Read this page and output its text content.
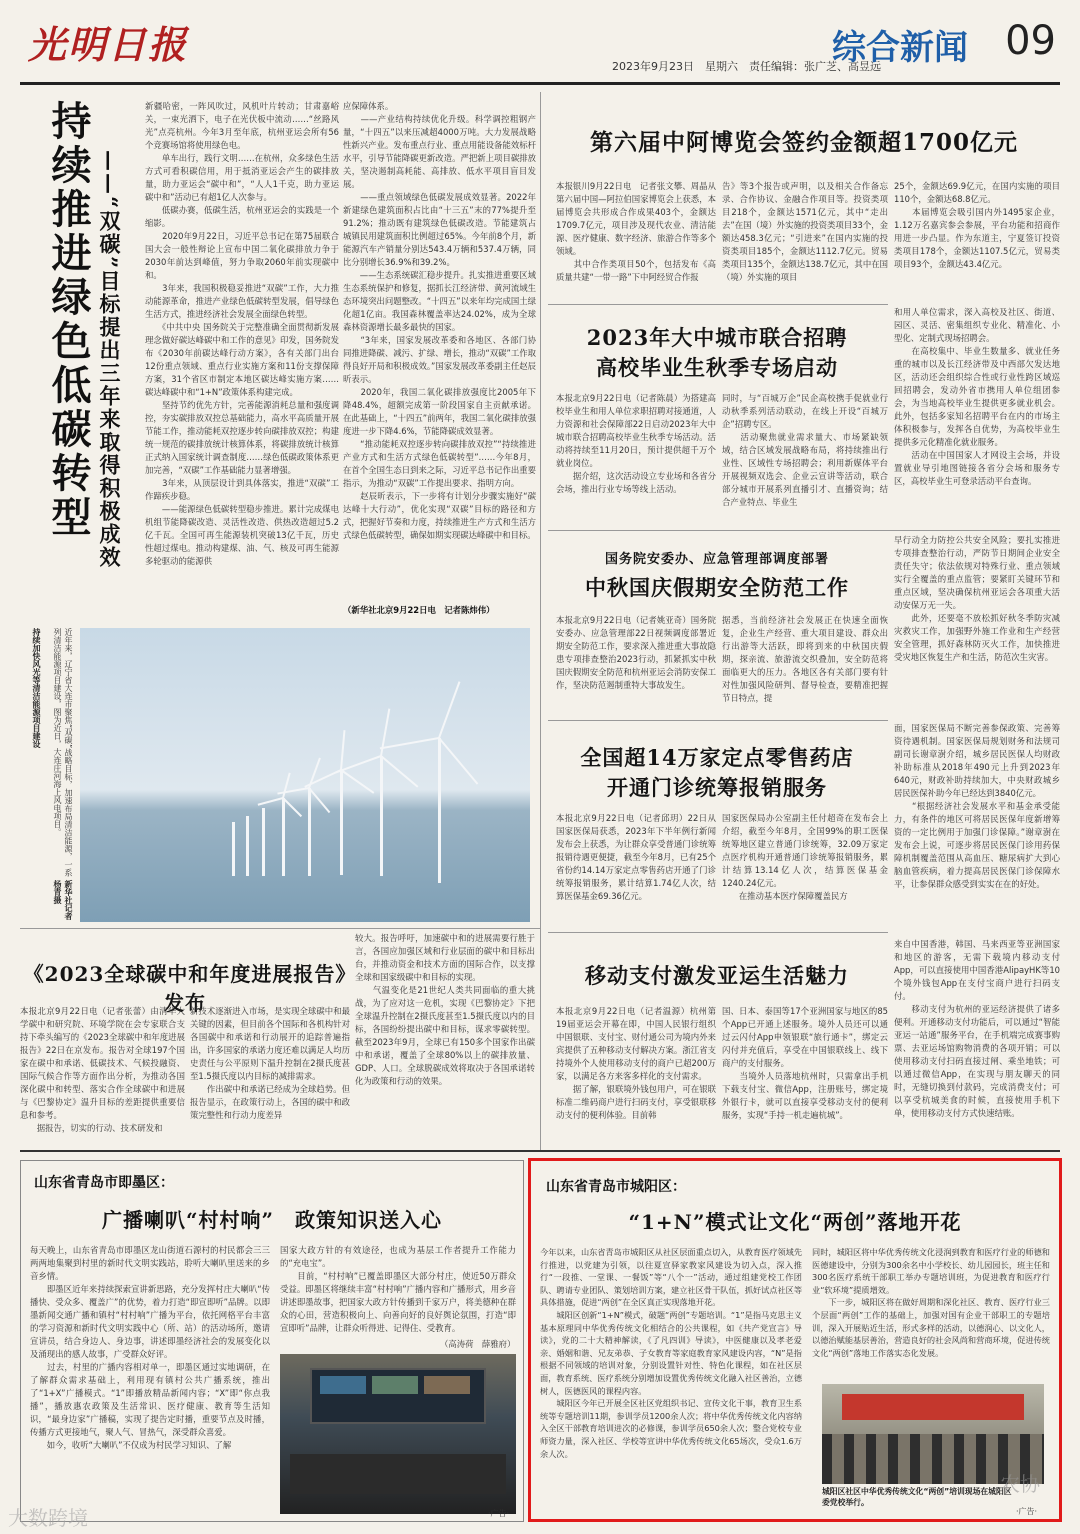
光明日报	2023年9月23日　星期六　责任编辑：张广芝、高昱远
综合新闻 09
持续推进绿色低碳转型 ——“双碳”目标提出三年来取得积极成效
新疆哈密，一阵风吹过，风机叶片转动；甘肃嘉峪关，一束光洒下，电子在光伏板中流动……“丝路风光”点亮杭州。今年3月至年底，杭州亚运会所有56个竞赛场馆将使用绿色电。
　　单车出行，践行文明……在杭州，众多绿色生活方式可看积碳信用，用于抵消亚运会产生的碳排放量，助力亚运会“碳中和”，“人人1千克，助力亚运碳中和”活动已有超1亿人次参与。
　　低碳办赛，低碳生活，杭州亚运会的实践是一个缩影。
　　2020年9月22日，习近平总书记在第75届联合国大会一般性辩论上宣布中国二氧化碳排放力争于2030年前达到峰值，努力争取2060年前实现碳中和。
　　3年来，我国积极稳妥推进“双碳”工作，大力推动能源革命，推进产业绿色低碳转型发展，倡导绿色生活方式，推进经济社会发展全面绿色转型。
　　《中共中央 国务院关于完整准确全面贯彻新发展理念做好碳达峰碳中和工作的意见》印发，国务院发布《2030年前碳达峰行动方案》，各有关部门出台12份重点领域、重点行业实施方案和11份支撑保障方案，31个省区市制定本地区碳达峰实施方案……碳达峰碳中和“1+N”政策体系构建完成。
　　坚持节约优先方针，完善能源消耗总量和强度调控，夯实碳排放双控总基础能力，高水平高质量开展节能工作，推动能耗双控逐步转向碳排放双控；构建统一规范的碳排放统计核算体系，将碳排放统计核算正式纳入国家统计调查制度……绿色低碳政策体系更加完善，“双碳”工作基础能力显著增强。
　　3年来，从顶层设计到具体落实，推进“双碳”工作蹄疾步稳。
　　——能源绿色低碳转型稳步推进。累计完成煤电机组节能降碳改造、灵活性改造、供热改造超过5.2亿千瓦。全国可再生能源装机突破13亿千瓦，历史性超过煤电。推动构建煤、油、气、核及可再生能源多轮驱动的能源供
应保障体系。
　　——产业结构持续优化升级。科学调控粗钢产量，“十四五”以来压减超4000万吨。大力发展战略性新兴产业。发布重点行业、重点用能设备能效标杆水平，引导节能降碳更新改造。严把新上项目碳排放关，坚决遏制高耗能、高排放、低水平项目盲目发展。
　　——重点领域绿色低碳发展成效显著。2022年新建绿色建筑面积占比由“十三五”末的77%提升至91.2%；推动既有建筑绿色低碳改造。节能建筑占城镇民用建筑面积比例超过65%。今年前8个月，新能源汽车产销量分别达543.4万辆和537.4万辆，同比分别增长36.9%和39.2%。
　　——生态系统碳汇稳步提升。扎实推进重要区域生态系统保护和修复，据抓长江经济带、黄河流域生态环境突出问题整改。“十四五”以来年均完成国土绿化超1亿亩。我国森林覆盖率达24.02%，成为全球森林资源增长最多最快的国家。
　　“3年来，国家发展改革委和各地区、各部门协同推进降碳、减污、扩绿、增长，推动“双碳”工作取得良好开局和积极成效。”国家发展改革委副主任赵辰昕表示。
　　2020年，我国二氧化碳排放强度比2005年下降48.4%，超额完成第一阶段国家自主贡献承诺。在此基础上，“十四五”前两年，我国二氧化碳排放强度进一步下降4.6%，节能降碳成效显著。
　　“推动能耗双控逐步转向碳排放双控”“持续推进产业方式和生活方式绿色低碳转型”……今年8月，在首个全国生态日到来之际，习近平总书记作出重要指示，为推动“双碳”工作提出要求、指明方向。
　　赵辰昕表示，下一步将有计划分步骤实施好“碳达峰十大行动”，优化实现“双碳”目标的路径和方式，把握好节奏和力度，持续推进生产方式和生活方式绿色低碳转型，确保如期实现碳达峰碳中和目标。
（新华社北京9月22日电　记者陈炜伟）
持续加快风光等清洁能源项目建设	近年来，辽宁省大连市聚焦“双碳”战略目标，加速布局清洁能源，一系列清洁能源项目建设，图为近日，大连庄河海上风电项目。
新华社记者　杨青摄
《2023全球碳中和年度进展报告》发布
较大。报告呼吁，加速碳中和的进展需要行胜于言，各国应加强区域和行业层面的碳中和目标出台，并推动资金和技术方面的国际合作，以支撑全球和国家级碳中和目标的实现。
　　气温变化是21世纪人类共同面临的重大挑战，为了应对这一危机，实现《巴黎协定》下把全球温升控制在2摄氏度甚至1.5摄氏度以内的目标，各国纷纷提出碳中和目标，谋求零碳转型。截至2023年9月，全球已有150多个国家作出碳中和承诺，覆盖了全球80%以上的碳排放量、GDP、人口。全球脱碳成效将取决于各国承诺转化为政策和行动的效果。
本报北京9月22日电（记者张蕾）由清华大学碳中和研究院、环境学院在会专家联合支持下牵头编写的《2023全球碳中和年度进展报告》22日在京发布。报告对全球197个国家在碳中和承诺、低碳技术、气候投融资、国际气候合作等方面作出分析，为推动各国深化碳中和转型、落实合作全球碳中和进展与《巴黎协定》温升目标的差距提供重要信息和参考。
　　据报告，切实的行动、技术研发和
新技术逐渐进入市场，是实现全球碳中和最关键的因素，但目前各个国际和各机构针对各国碳中和承诺和行动展开的追踪普遍指出，许多国家的承诺力度还难以满足人均历史责任与公平原则下温升控制在2摄氏度甚至1.5摄氏度以内目标的减排需求。
　　作出碳中和承诺已经成为全球趋势。但报告显示，在政策行动上，各国的碳中和政策完整性和行动力度差异
第六届中阿博览会签约金额超1700亿元
本报银川9月22日电　记者张文攀、周晶从第六届中国—阿拉伯国家博览会上获悉，本届博览会共形成合作成果403个，金额达1709.7亿元，项目涉及现代农业、清洁能源、医疗健康、数字经济、旅游合作等多个领域。
　　其中合作类项目50个，包括发布《高质量共建“一带一路”下中阿经贸合作报
告》等3个报告或声明，以及相关合作备忘录、合作协议、金融合作项目等。投资类项目218个，金额达1571亿元，其中“走出去”在国（境）外实施的投资类项目33个，金额达458.3亿元；“引进来”在国内实施的投资类项目185个，金额达1112.7亿元。贸易类项目135个，金额达138.7亿元，其中在国（境）外实施的项目
25个，金额达69.9亿元，在国内实施的项目110个，金额达68.8亿元。
　　本届博览会吸引国内外1495家企业，1.12万名嘉宾参会参展，平台功能和招商作用进一步凸显。作为东道主，宁夏签订投资类项目178个，金额达1107.5亿元，贸易类项目93个，金额达43.4亿元。
2023年大中城市联合招聘
高校毕业生秋季专场启动
本报北京9月22日电（记者陈晨）为搭建高校毕业生和用人单位求职招聘对接通道，人力资源和社会保障部22日启动2023年大中城市联合招聘高校毕业生秋季专场活动。活动将持续至11月20日，预计提供超千万个就业岗位。
　　据介绍，这次活动设立专业场和各省分会场，推出行业专场等线上活动。
同时，与“百城万企”民企高校携手促就业行动秋季系列活动联动，在线上开设“百城万企”招聘专区。
　　活动聚焦就业需求量大、市场紧缺领域，结合区域发展战略布局，将持续推出行业性、区域性专场招聘会；利用新媒体平台开展视频双选会、企业云宣讲等活动，联合部分城市开展系列直播引才、直播资询；结合产业特点、毕业生
和用人单位需求，深入高校及社区、街道、园区、灵活、密集组织专业化、精准化、小型化、定制式现场招聘会。
　　在高校集中、毕业生数量多、就业任务重的城市以及长江经济带及中西部欠发达地区，活动还会组织综合性或行业性跨区域巡回招聘会，发动外省市携用人单位组团参会，为当地高校毕业生提供更多就业机会。此外，包括多家知名招聘平台在内的市场主体积极参与，发挥各自优势，为高校毕业生提供多元化精准化就业服务。
　　活动在中国国家人才网设主会场，并设置就业导引地图链接各省分会场和服务专区，高校毕业生可登录活动平台查询。
国务院安委办、应急管理部调度部署
中秋国庆假期安全防范工作
本报北京9月22日电（记者姚亚奇）国务院安委办、应急管理部22日视频调度部署近期安全防范工作，要求深入推进重大事故隐患专项排查整治2023行动，抓紧抓实中秋国庆假期安全防范和杭州亚运会消防安保工作，坚决防范遏制重特大事故发生。
据悉，当前经济社会发展正在快速全面恢复，企业生产经营、重大项目建设、群众出行出游等大活跃，即将到来的中秋国庆假期，探亲流、旅游流交织叠加，安全防范将面临更大的压力。各地区各有关部门要有针对性加强风险研判、督导检查，要精准把握节日特点，提
早行动全力防控公共安全风险；要扎实推进专项排查整治行动，严防节日期间企业安全责任失守；依法依规对特殊行业、重点领域实行全覆盖的重点监管；要紧盯关键环节和重点区域，坚决确保杭州亚运会各项重大活动安保万无一失。
　　此外，还要毫不放松抓好秋冬季防灾减灾救灾工作，加强野外施工作业和生产经营安全管理，抓好森林防灭火工作，加快推进受灾地区恢复生产和生活，防范次生灾害。
全国超14万家定点零售药店
开通门诊统筹报销服务
本报北京9月22日电（记者邱玥）22日从国家医保局获悉，2023年下半年例行新闻发布会上获悉，为让群众享受普通门诊统筹报销待遇更便捷，截至今年8月，已有25个省份约14.14万家定点零售药店开通了门诊统筹报销服务，累计结算1.74亿人次，结算医保基金69.36亿元。
国家医保局办公室副主任付超奇在发布会上介绍，截至今年8月，全国99%的职工医保统筹地区建立普通门诊统筹，32.09万家定点医疗机构开通普通门诊统筹报销服务，累计结算13.14亿人次，结算医保基金1240.24亿元。
　　在推动基本医疗保障覆盖民方
面，国家医保局不断完善参保政策、完善筹资待遇机制。国家医保局规划财务和法规司副司长谢章澍介绍，城乡居民医保人均财政补助标准从2018年490元上升到2023年640元，财政补助持续加大，中央财政城乡居民医保补助今年已经达到3840亿元。
　　“根据经济社会发展水平和基金承受能力，有条件的地区可将居民医保年度新增筹资的一定比例用于加强门诊保障。”谢章澍在发布会上说，可逐步将居民医保门诊用药保障机制覆盖范围从高血压、糖尿病扩大到心脑血管疾病，着力提高居民医保门诊保障水平，让参保群众感受到实实在在的好处。
移动支付激发亚运生活魅力
本报北京9月22日电（记者温源）杭州第19届亚运会开幕在即，中国人民银行组织中国银联、支付宝、财付通公司为境内外来宾提供了五种移动支付解决方案。浙江省支持境外个人使用移动支付的商户已超200万家，以满足各方来客多样化的支付需求。
　　据了解，银联境外钱包用户，可在银联标准二维码商户进行扫码支付，享受银联移动支付的便利体验。目前韩
国、日本、泰国等17个亚洲国家与地区的85个App已开通上述服务。境外人员还可以通过云闪付App申领银联“旅行通卡”，绑定云闪付并充值后，享受在中国银联线上、线下商户的支付服务。
　　当境外人员落地杭州时，只需拿出手机下载支付宝、微信App，注册账号，绑定境外银行卡，就可以直接享受移动支付的便利服务，实现“手持一机走遍杭城”。
来自中国香港，韩国、马来西亚等亚洲国家和地区的游客，无需下载境内移动支付App，可以直接使用中国香港AlipayHK等10个境外钱包App在支付宝商户进行扫码支付。
　　移动支付为杭州的亚运经济提供了诸多便利。开通移动支付功能后，可以通过“智能亚运一站通”服务平台，在手机端完成赛事购票、去亚运场馆购物消费的各项开销；可以使用移动支付扫码直接过闸、乘坐地铁；可以通过微信App，在实现与朋友聊天的同时，无缝切换到付款码，完成消费支付；可以享受杭城美食的时候，直接使用手机下单，使用移动支付方式快速结账。
山东省青岛市即墨区：
广播喇叭“村村响”　政策知识送入心
每天晚上，山东省青岛市即墨区龙山街道石源村的村民都会三三两两地集聚到村里的新时代文明实践站，聆听大喇叭里送来的乡音乡情。
　　即墨区近年来持续探索宣讲新思路，充分发挥村庄大喇叭“传播快、受众多、覆盖广”的优势，着力打造“即宣即听”品牌。以即墨新闻交通广播和镇村“村村响”广播为平台，依托网格平台丰富的学习资源和新时代文明实践中心（所、站）的活动场所，邀请宣讲员，结合身边人、身边事，讲述即墨经济社会的发展变化以及涌现出的感人故事，广受群众好评。
　　过去，村里的广播内容相对单一，即墨区通过实地调研，在了解群众需求基础上，利用现有镇村公共广播系统，推出了“1+X”广播模式。“1”即播放精品新闻内容；“X”即“你点我播”，播放惠农政策及生活常识、医疗健康、教育等生活知识，“最身边家”广播稿，实现了提告定时播，重要节点及时播，传播方式更接地气，聚人气、冒热气，深受群众喜爱。
　　如今，收听“大喇叭”不仅成为村民学习知识、了解
国家大政方针的有效途径，也成为基层工作者提升工作能力的“充电宝”。
　　目前，“村村响”已覆盖即墨区大部分村庄，使近50万群众受益。即墨区将继续丰富“村村响”广播内容和广播形式，用乡音讲述即墨故事，把国家大政方针传播到千家万户，将美德种在群众的心田，营造积极向上、向善向好的良好舆论氛围，打造“即宣即听”品牌，让群众听得进、记得住、受教育。
（高涛荷　薛雅府）
·广告·
山东省青岛市城阳区：
“1+N”模式让文化“两创”落地开花
今年以来，山东省青岛市城阳区从社区层面重点切入，从教育医疗领域先行推进，以党建为引领，以往夏宣驿家教家风建设为切入点，深入推行“一段推、一堂课、一餐饭”等“八个一”活动，通过组建党校工作团队、聘请专业团队、策划培训方案，建立社区骨干队伍，抓好试点社区等具体措施，促进“两创”在全区真正实现落地开花。
　　城阳区创新“1+N”模式，破题“两创”专题培训。“1”是指马克思主义基本原理同中华优秀传统文化相结合的公共课程，如《共产党宣言》导读》，党的二十大精神解读，《了凡四训》导读》，中医健康以及孝老爱亲、婚姻和谐、兄友弟恭、子女教育等家庭教育家风建设内容，“N”是指根据不同领域的培训对象，分别设置针对性、特色化课程，如在社区层面，教育系统、医疗系统分别增加设置优秀传统文化融入社区善治，立德树人，医德医风的课程内容。
　　城阳区今年已开展全区社区党组织书记、宣传文化干事，教育卫生系统等专题培训11期，参训学员1200余人次；将中华优秀传统文化内容纳入全区干部教育培训进次的必修课，参训学员650余人次；整合党校专业师资力量，深入社区、学校等宣讲中华优秀传统文化65场次，受众1.6万余人次。
同时，城阳区将中华优秀传统文化浸润到教育和医疗行业的师德和医德建设中，分别为300余名中小学校长、幼儿园园长，班主任和300名医疗系统干部职工举办专题培训班，为促进教育和医疗行业“软环境”提质增效。
　　下一步，城阳区将在做好周期和深化社区、教育、医疗行业三个层面“两创”工作的基础上，加强对国有企业干部职工的专题培训，深入开展贴近生活，形式多样的活动，以德润心、以文化人，以德治赋能基层善治，营造良好的社会风尚和营商环境，促进传统文化“两创”落地工作落实态化发展。
城阳区社区中华优秀传统文化“两创”培训现场在城阳区委党校举行。
·广告·
大数跨境
农协
